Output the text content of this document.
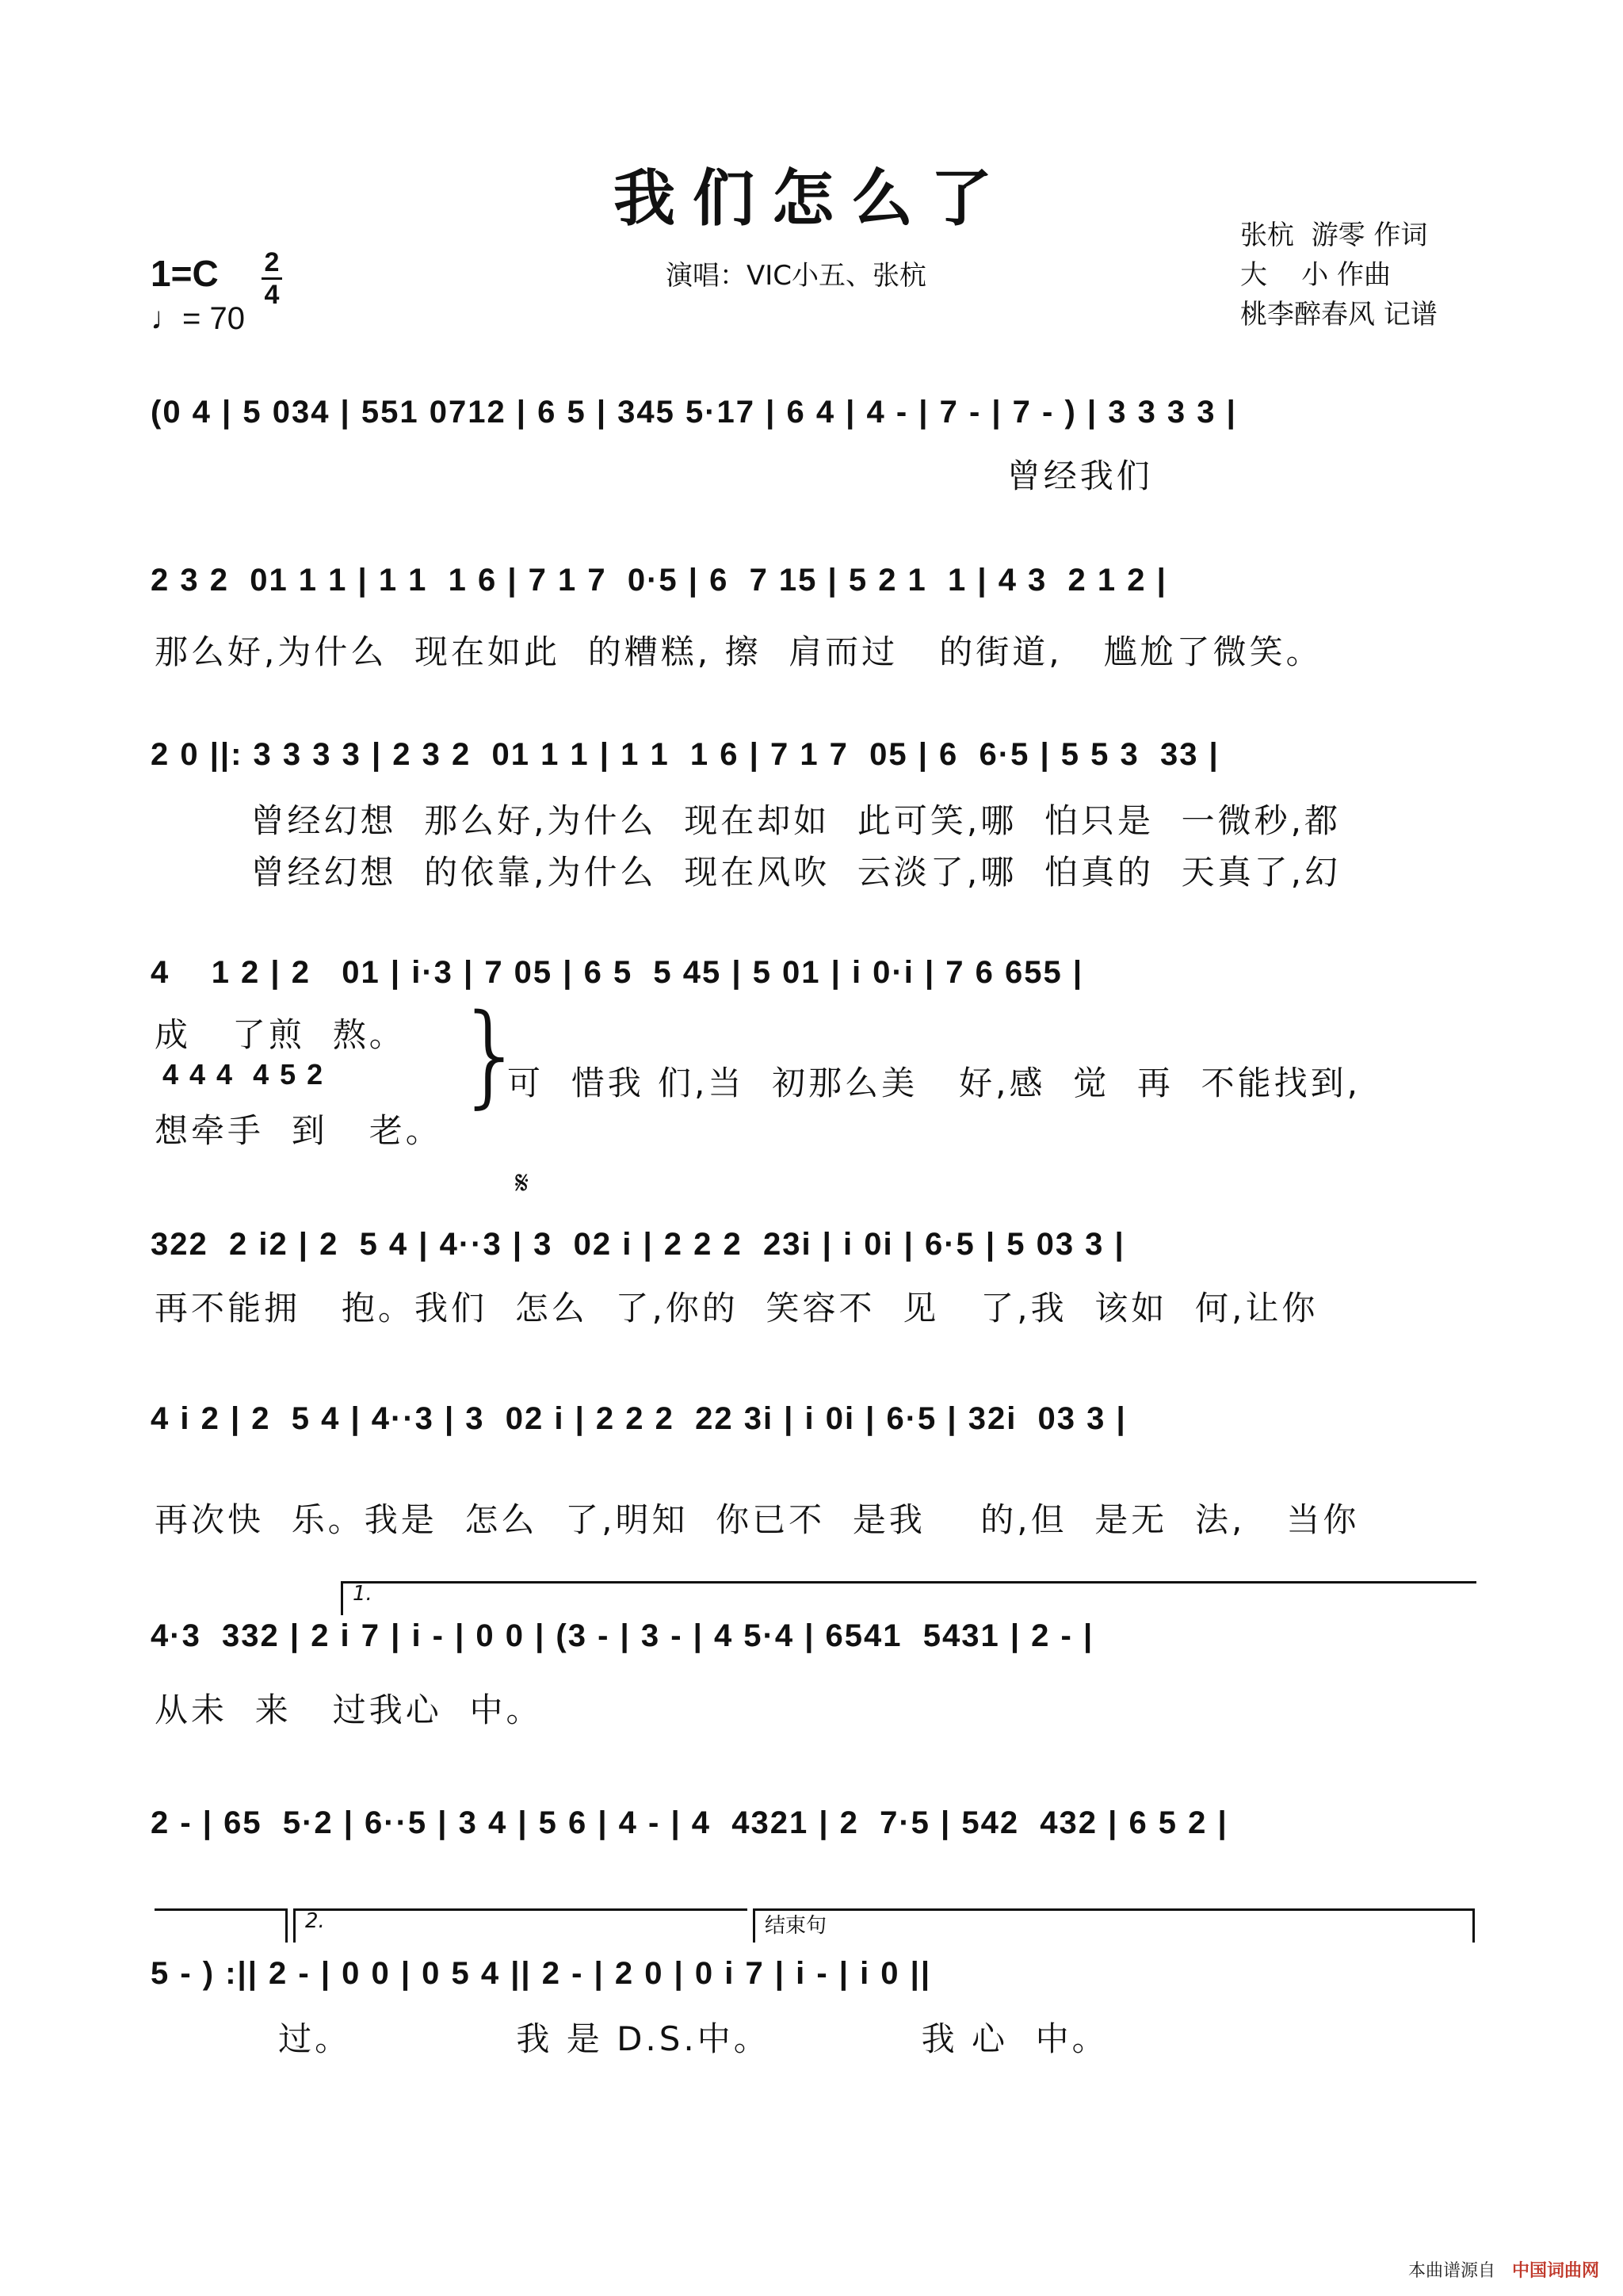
我们怎么了
1=C 2
4
♩= 70
演唱：VIC小五、张杭
张杭  游零 作词
大    小 作曲
桃李醉春风 记谱
(0 4 | 5 034 | 551 0712 | 6 5 | 345 5·17 | 6 4 | 4 - | 7 - | 7 - ) | 3 3 3 3 |
曾经我们
2 3 2  01 1 1 | 1 1  1 6 | 7 1 7  0·5 | 6  7 15 | 5 2 1  1 | 4 3  2 1 2 |
那么好,为什么  现在如此  的糟糕, 擦  肩而过   的街道,   尴尬了微笑。
2 0 ||: 3 3 3 3 | 2 3 2  01 1 1 | 1 1  1 6 | 7 1 7  05 | 6  6·5 | 5 5 3  33 |
曾经幻想  那么好,为什么  现在却如  此可笑,哪  怕只是  一微秒,都
曾经幻想  的依靠,为什么  现在风吹  云淡了,哪  怕真的  天真了,幻
4    1 2 | 2   01 | i·3 | 7 05 | 6 5  5 45 | 5 01 | i 0·i | 7 6 655 |
成   了煎  熬。
4 4 4  4 5 2
想牵手  到   老。
}
可  惜我 们,当  初那么美   好,感  觉  再  不能找到,
𝄋
322  2 i2 | 2  5 4 | 4··3 | 3  02 i | 2 2 2  23i | i 0i | 6·5 | 5 03 3 |
再不能拥   抱。我们  怎么  了,你的  笑容不  见   了,我  该如  何,让你
4 i 2 | 2  5 4 | 4··3 | 3  02 i | 2 2 2  22 3i | i 0i | 6·5 | 32i  03 3 |
再次快  乐。我是  怎么  了,明知  你已不  是我    的,但  是无  法,   当你
1.
4·3  332 | 2 i 7 | i - | 0 0 | (3 - | 3 - | 4 5·4 | 6541  5431 | 2 - |
从未  来   过我心  中。
2 - | 65  5·2 | 6··5 | 3 4 | 5 6 | 4 - | 4  4321 | 2  7·5 | 542  432 | 6 5 2 |
2.	结束句
5 - ) :|| 2 - | 0 0 | 0 5 4 || 2 - | 2 0 | 0 i 7 | i - | i 0 ||
过。            我 是 D.S.中。           我 心  中。
本曲谱源自 中国词曲网
